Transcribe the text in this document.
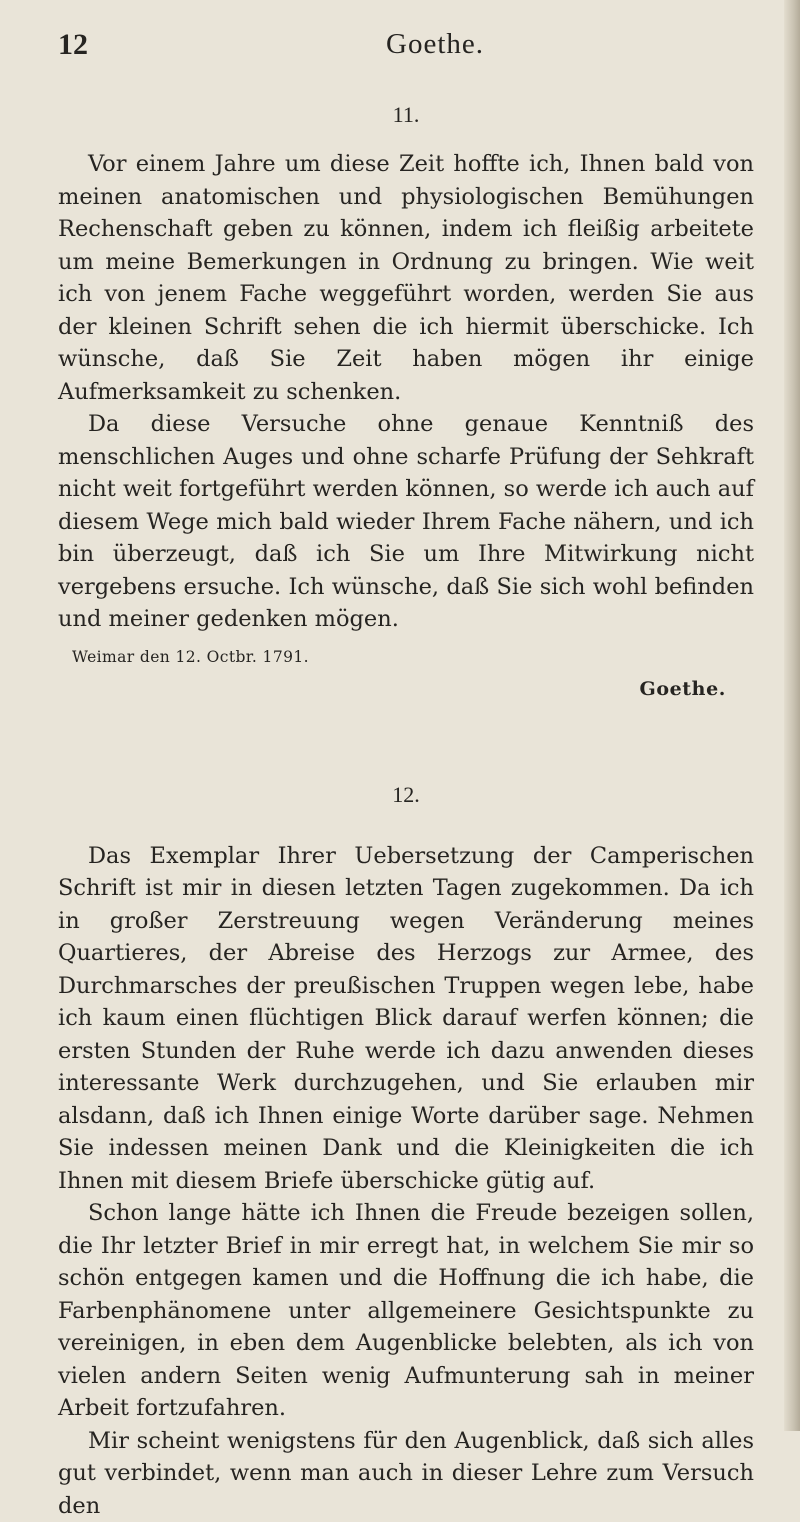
12	Goethe.
11.

Vor einem Jahre um diese Zeit hoffte ich, Ihnen bald von meinen anatomischen und physiologischen Bemühungen Rechenschaft geben zu können, indem ich fleißig arbeitete um meine Bemerkungen in Ordnung zu bringen. Wie weit ich von jenem Fache weggeführt worden, werden Sie aus der kleinen Schrift sehen die ich hiermit überschicke. Ich wünsche, daß Sie Zeit haben mögen ihr einige Aufmerksamkeit zu schenken.

Da diese Versuche ohne genaue Kenntniß des menschlichen Auges und ohne scharfe Prüfung der Sehkraft nicht weit fortgeführt werden können, so werde ich auch auf diesem Wege mich bald wieder Ihrem Fache nähern, und ich bin überzeugt, daß ich Sie um Ihre Mitwirkung nicht vergebens ersuche. Ich wünsche, daß Sie sich wohl befinden und meiner gedenken mögen.

Weimar den 12. Octbr. 1791.
Goethe.
12.

Das Exemplar Ihrer Uebersetzung der Camperischen Schrift ist mir in diesen letzten Tagen zugekommen. Da ich in großer Zerstreuung wegen Veränderung meines Quartieres, der Abreise des Herzogs zur Armee, des Durchmarsches der preußischen Truppen wegen lebe, habe ich kaum einen flüchtigen Blick darauf werfen können; die ersten Stunden der Ruhe werde ich dazu anwenden dieses interessante Werk durchzugehen, und Sie erlauben mir alsdann, daß ich Ihnen einige Worte darüber sage. Nehmen Sie indessen meinen Dank und die Kleinigkeiten die ich Ihnen mit diesem Briefe überschicke gütig auf.

Schon lange hätte ich Ihnen die Freude bezeigen sollen, die Ihr letzter Brief in mir erregt hat, in welchem Sie mir so schön entgegen kamen und die Hoffnung die ich habe, die Farbenphänomene unter allgemeinere Gesichtspunkte zu vereinigen, in eben dem Augenblicke belebten, als ich von vielen andern Seiten wenig Aufmunterung sah in meiner Arbeit fortzufahren.

Mir scheint wenigstens für den Augenblick, daß sich alles gut verbindet, wenn man auch in dieser Lehre zum Versuch den
